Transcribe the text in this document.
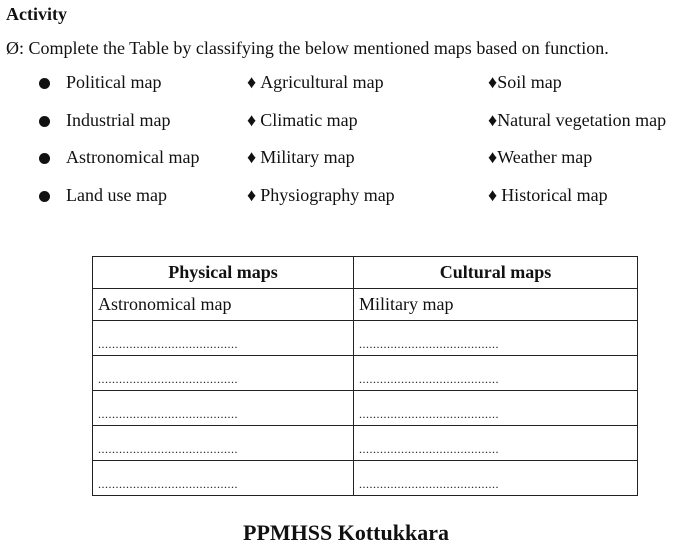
Activity
Ø: Complete the Table by classifying the below mentioned maps based on function.
Political map
Industrial map
Astronomical map
Land use map
♦ Agricultural map
♦ Climatic map
♦ Military map
♦ Physiography map
♦Soil map
♦Natural vegetation map
♦Weather map
♦ Historical map
Physical maps	Cultural maps
Astronomical map	Military map
........................................	........................................
........................................	........................................
........................................	........................................
........................................	........................................
........................................	........................................
PPMHSS Kottukkara
